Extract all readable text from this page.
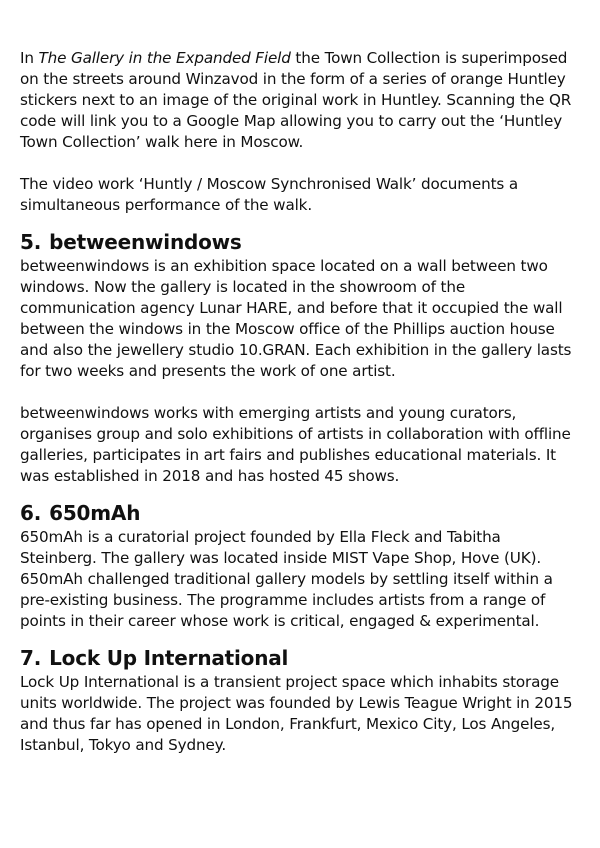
In The Gallery in the Expanded Field the Town Collection is superimposed on the streets around Winzavod in the form of a series of orange Huntley stickers next to an image of the original work in Huntley. Scanning the QR code will link you to a Google Map allowing you to carry out the ‘Huntley Town Collection’ walk here in Moscow.

The video work ‘Huntly / Moscow Synchronised Walk’ documents a simultaneous performance of the walk.

5. betweenwindows

betweenwindows is an exhibition space located on a wall between two windows. Now the gallery is located in the showroom of the communication agency Lunar HARE, and before that it occupied the wall between the windows in the Moscow office of the Phillips auction house and also the jewellery studio 10.GRAN. Each exhibition in the gallery lasts for two weeks and presents the work of one artist.

betweenwindows works with emerging artists and young curators, organises group and solo exhibitions of artists in collaboration with offline galleries, participates in art fairs and publishes educational materials. It was established in 2018 and has hosted 45 shows.

6. 650mAh

650mAh is a curatorial project founded by Ella Fleck and Tabitha Steinberg. The gallery was located inside MIST Vape Shop, Hove (UK). 650mAh challenged traditional gallery models by settling itself within a pre-existing business. The programme includes artists from a range of points in their career whose work is critical, engaged & experimental.

7. Lock Up International

Lock Up International is a transient project space which inhabits storage units worldwide. The project was founded by Lewis Teague Wright in 2015 and thus far has opened in London, Frankfurt, Mexico City, Los Angeles, Istanbul, Tokyo and Sydney.
